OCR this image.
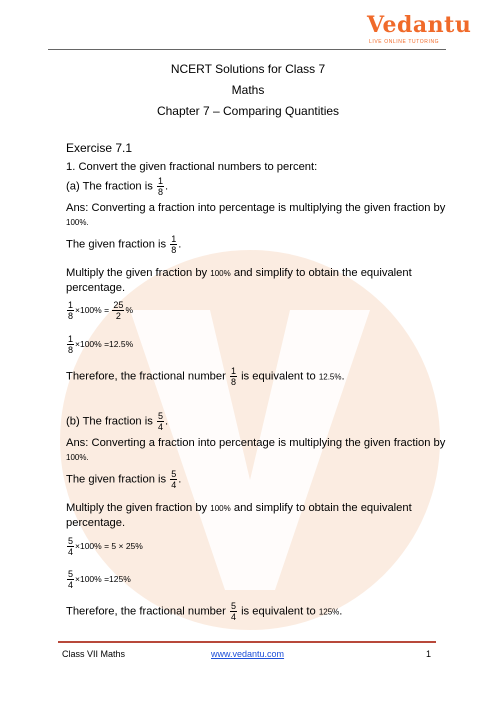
Vedantu
LIVE ONLINE TUTORING
NCERT Solutions for Class 7
Maths
Chapter 7 – Comparing Quantities
Exercise 7.1
1. Convert the given fractional numbers to percent:
(a) The fraction is $\frac{1}{8}$ .
Ans: Converting a fraction into percentage is multiplying the given fraction by
100%.
The given fraction is $\frac{1}{8}$ .
Multiply the given fraction by 100% and simplify to obtain the equivalent
percentage.
$\frac{1}{8} \times 100\% = \frac{25}{2}$ %
$\frac{1}{8} \times 100\% =12.5\%$
Therefore, the fractional number $\frac{1}{8}$ is equivalent to 12.5%.
(b) The fraction is $\frac{5}{4}$ .
Ans: Converting a fraction into percentage is multiplying the given fraction by
100%.
The given fraction is $\frac{5}{4}$ .
Multiply the given fraction by 100% and simplify to obtain the equivalent
percentage.
$\frac{5}{4} \times 100\% = 5 \times 25\%$
$\frac{5}{4} \times 100\% =125\%$
Therefore, the fractional number $\frac{5}{4}$ is equivalent to 125%.
Class VII Maths	www.vedantu.com	1
